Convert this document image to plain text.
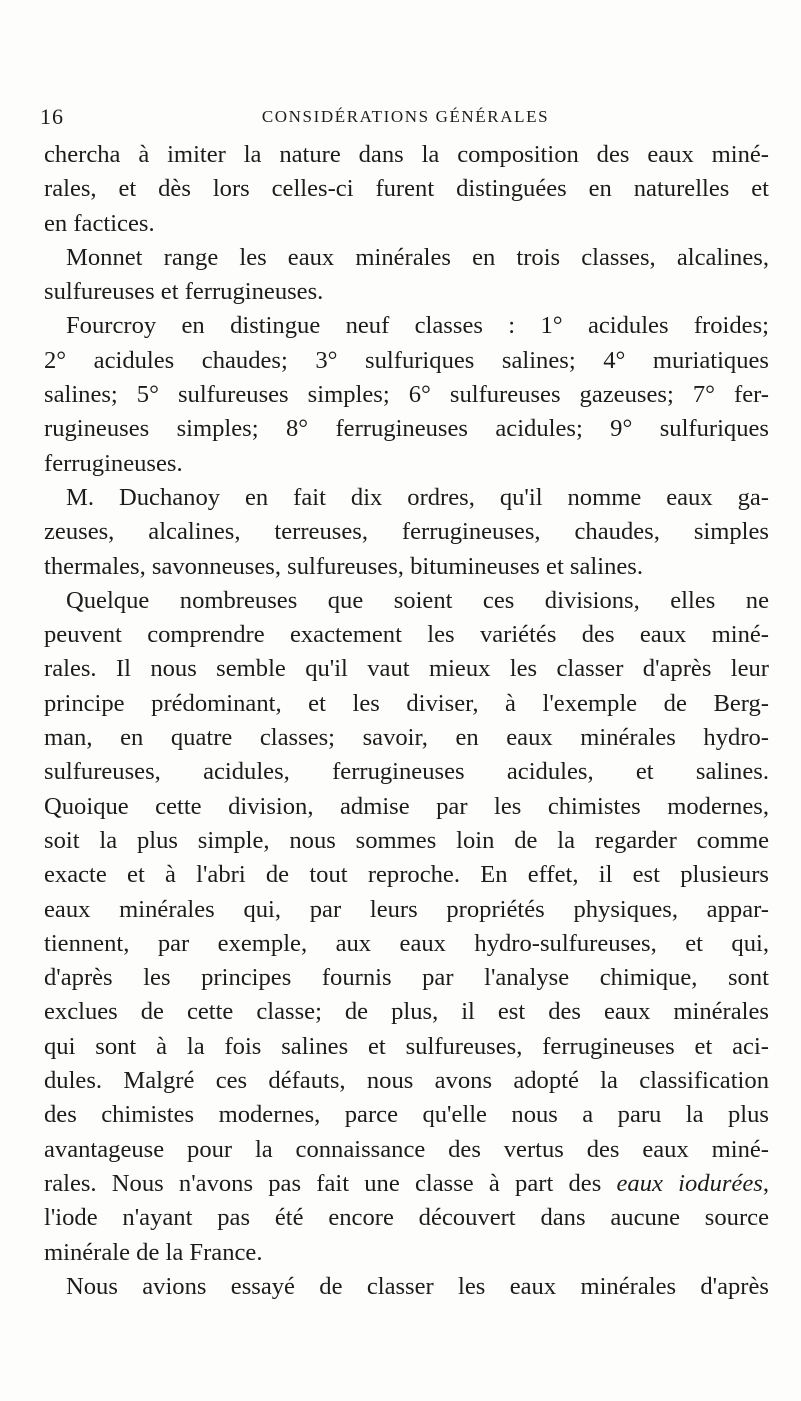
16	CONSIDÉRATIONS GÉNÉRALES
chercha à imiter la nature dans la composition des eaux miné-
rales, et dès lors celles-ci furent distinguées en naturelles et
en factices.
Monnet range les eaux minérales en trois classes, alcalines,
sulfureuses et ferrugineuses.
Fourcroy en distingue neuf classes : 1° acidules froides;
2° acidules chaudes; 3° sulfuriques salines; 4° muriatiques
salines; 5° sulfureuses simples; 6° sulfureuses gazeuses; 7° fer-
rugineuses simples; 8° ferrugineuses acidules; 9° sulfuriques
ferrugineuses.
M. Duchanoy en fait dix ordres, qu'il nomme eaux ga-
zeuses, alcalines, terreuses, ferrugineuses, chaudes, simples
thermales, savonneuses, sulfureuses, bitumineuses et salines.
Quelque nombreuses que soient ces divisions, elles ne
peuvent comprendre exactement les variétés des eaux miné-
rales. Il nous semble qu'il vaut mieux les classer d'après leur
principe prédominant, et les diviser, à l'exemple de Berg-
man, en quatre classes; savoir, en eaux minérales hydro-
sulfureuses, acidules, ferrugineuses acidules, et salines.
Quoique cette division, admise par les chimistes modernes,
soit la plus simple, nous sommes loin de la regarder comme
exacte et à l'abri de tout reproche. En effet, il est plusieurs
eaux minérales qui, par leurs propriétés physiques, appar-
tiennent, par exemple, aux eaux hydro-sulfureuses, et qui,
d'après les principes fournis par l'analyse chimique, sont
exclues de cette classe; de plus, il est des eaux minérales
qui sont à la fois salines et sulfureuses, ferrugineuses et aci-
dules. Malgré ces défauts, nous avons adopté la classification
des chimistes modernes, parce qu'elle nous a paru la plus
avantageuse pour la connaissance des vertus des eaux miné-
rales. Nous n'avons pas fait une classe à part des eaux iodurées,
l'iode n'ayant pas été encore découvert dans aucune source
minérale de la France.
Nous avions essayé de classer les eaux minérales d'après
